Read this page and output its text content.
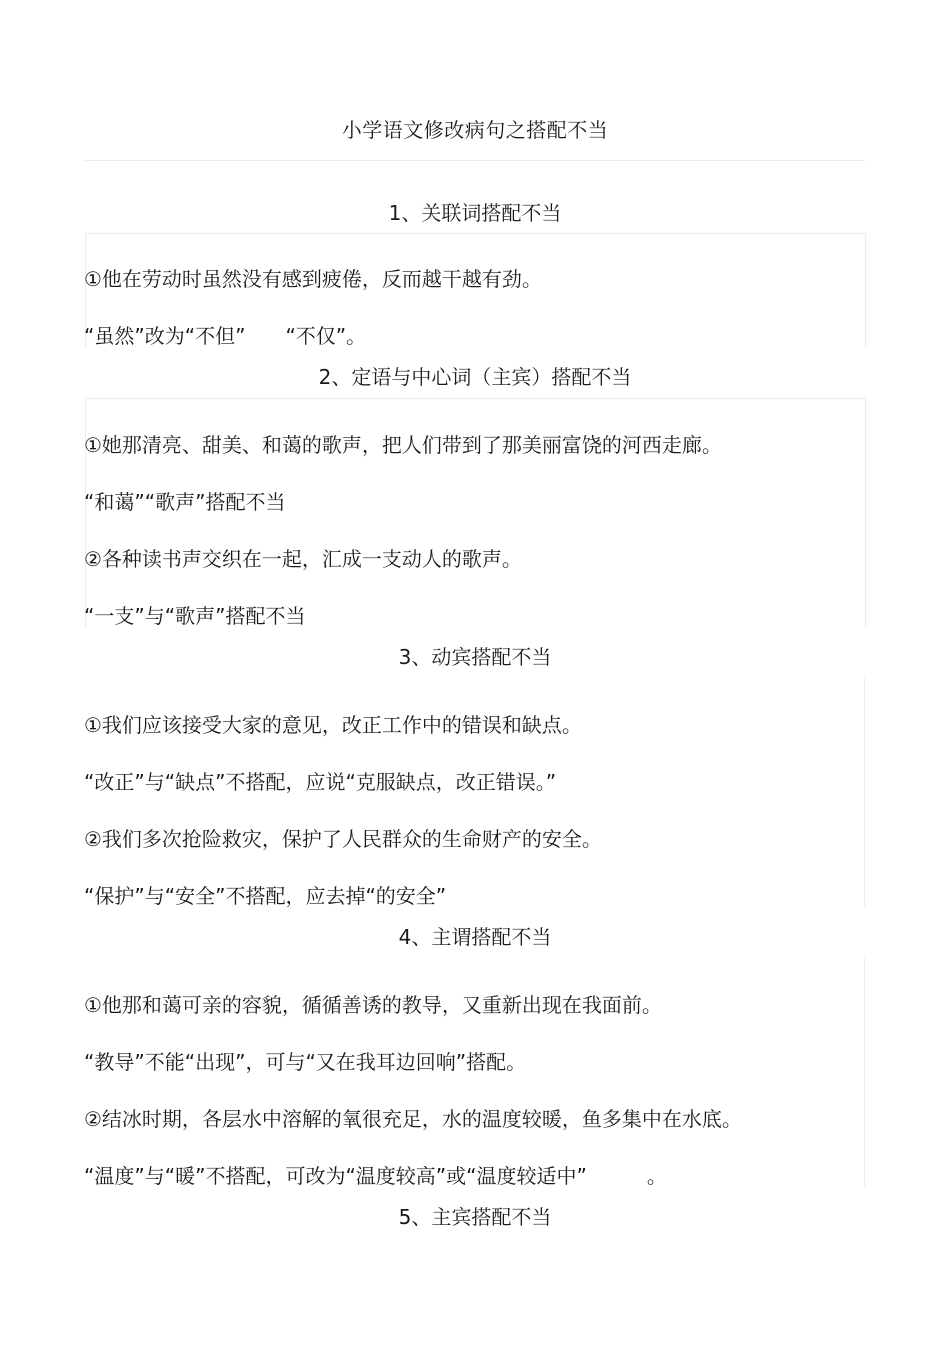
小学语文修改病句之搭配不当
1、关联词搭配不当
①他在劳动时虽然没有感到疲倦，反而越干越有劲。
“虽然”改为“不但”　　“不仅”。
2、定语与中心词（主宾）搭配不当
①她那清亮、甜美、和蔼的歌声，把人们带到了那美丽富饶的河西走廊。
“和蔼”“歌声”搭配不当
②各种读书声交织在一起，汇成一支动人的歌声。
“一支”与“歌声”搭配不当
3、动宾搭配不当
①我们应该接受大家的意见，改正工作中的错误和缺点。
“改正”与“缺点”不搭配，应说“克服缺点，改正错误。”
②我们多次抢险救灾，保护了人民群众的生命财产的安全。
“保护”与“安全”不搭配，应去掉“的安全”
4、主谓搭配不当
①他那和蔼可亲的容貌，循循善诱的教导，又重新出现在我面前。
“教导”不能“出现”，可与“又在我耳边回响”搭配。
②结冰时期，各层水中溶解的氧很充足，水的温度较暖，鱼多集中在水底。
“温度”与“暖”不搭配，可改为“温度较高”或“温度较适中”　　　。
5、主宾搭配不当
